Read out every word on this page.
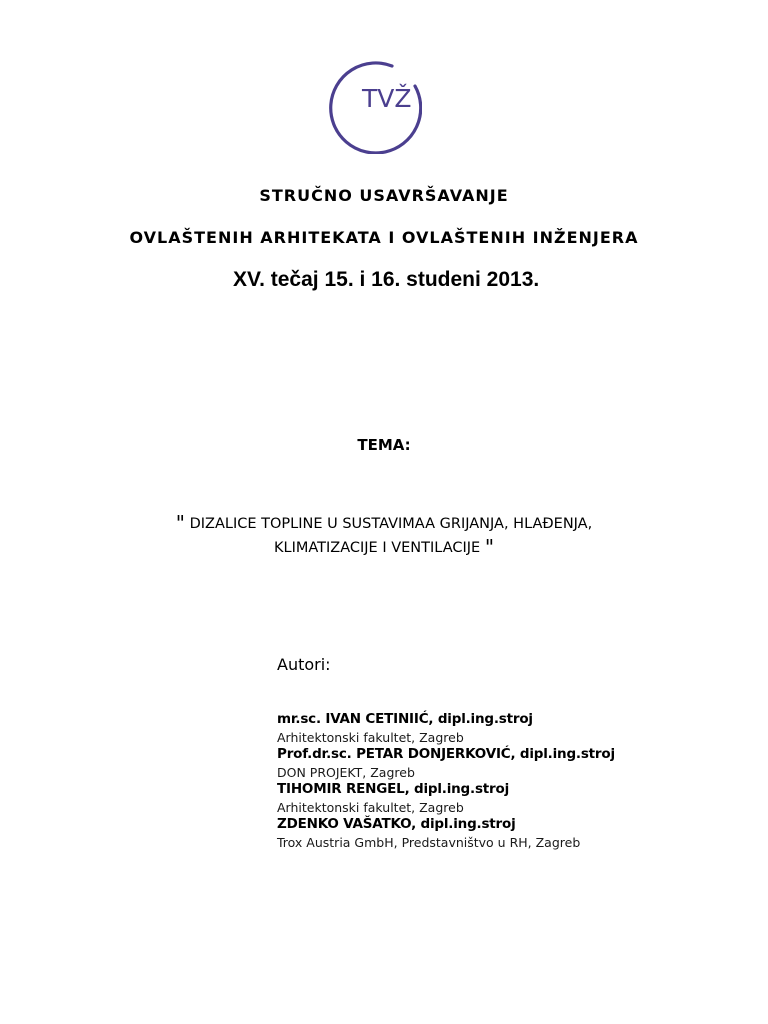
TVŽ
STRUČNO USAVRŠAVANJE
OVLAŠTENIH ARHITEKATA I OVLAŠTENIH INŽENJERA
XV. tečaj 15. i 16. studeni 2013.
TEMA:
" DIZALICE TOPLINE U SUSTAVIMAA GRIJANJA, HLAĐENJA,
KLIMATIZACIJE I VENTILACIJE "
Autori:
mr.sc. IVAN CETINIIĆ, dipl.ing.stroj
Arhitektonski fakultet, Zagreb
Prof.dr.sc. PETAR DONJERKOVIĆ, dipl.ing.stroj
DON PROJEKT, Zagreb
TIHOMIR RENGEL, dipl.ing.stroj
Arhitektonski fakultet, Zagreb
ZDENKO VAŠATKO, dipl.ing.stroj
Trox Austria GmbH, Predstavništvo u RH, Zagreb
